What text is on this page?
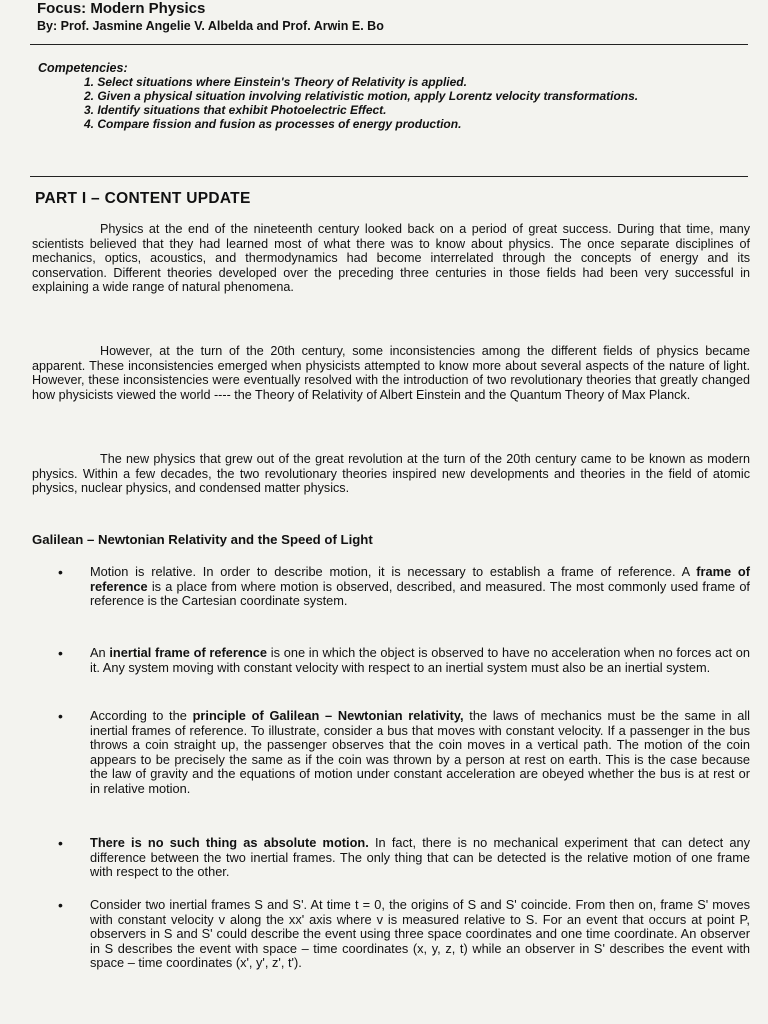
Focus: Modern Physics
By: Prof. Jasmine Angelie V. Albelda and Prof. Arwin E. Bo
Competencies:
1. Select situations where Einstein's Theory of Relativity is applied.
2. Given a physical situation involving relativistic motion, apply Lorentz velocity transformations.
3. Identify situations that exhibit Photoelectric Effect.
4. Compare fission and fusion as processes of energy production.
PART I – CONTENT UPDATE

Physics at the end of the nineteenth century looked back on a period of great success. During that time, many scientists believed that they had learned most of what there was to know about physics. The once separate disciplines of mechanics, optics, acoustics, and thermodynamics had become interrelated through the concepts of energy and its conservation. Different theories developed over the preceding three centuries in those fields had been very successful in explaining a wide range of natural phenomena.

However, at the turn of the 20th century, some inconsistencies among the different fields of physics became apparent. These inconsistencies emerged when physicists attempted to know more about several aspects of the nature of light. However, these inconsistencies were eventually resolved with the introduction of two revolutionary theories that greatly changed how physicists viewed the world ---- the Theory of Relativity of Albert Einstein and the Quantum Theory of Max Planck.

The new physics that grew out of the great revolution at the turn of the 20th century came to be known as modern physics. Within a few decades, the two revolutionary theories inspired new developments and theories in the field of atomic physics, nuclear physics, and condensed matter physics.

Galilean – Newtonian Relativity and the Speed of Light
• Motion is relative. In order to describe motion, it is necessary to establish a frame of reference. A frame of reference is a place from where motion is observed, described, and measured. The most commonly used frame of reference is the Cartesian coordinate system.
• An inertial frame of reference is one in which the object is observed to have no acceleration when no forces act on it. Any system moving with constant velocity with respect to an inertial system must also be an inertial system.
• According to the principle of Galilean – Newtonian relativity, the laws of mechanics must be the same in all inertial frames of reference. To illustrate, consider a bus that moves with constant velocity. If a passenger in the bus throws a coin straight up, the passenger observes that the coin moves in a vertical path. The motion of the coin appears to be precisely the same as if the coin was thrown by a person at rest on earth. This is the case because the law of gravity and the equations of motion under constant acceleration are obeyed whether the bus is at rest or in relative motion.
• There is no such thing as absolute motion. In fact, there is no mechanical experiment that can detect any difference between the two inertial frames. The only thing that can be detected is the relative motion of one frame with respect to the other.
• Consider two inertial frames S and S'. At time t = 0, the origins of S and S' coincide. From then on, frame S' moves with constant velocity v along the xx' axis where v is measured relative to S. For an event that occurs at point P, observers in S and S' could describe the event using three space coordinates and one time coordinate. An observer in S describes the event with space – time coordinates (x, y, z, t) while an observer in S' describes the event with space – time coordinates (x', y', z', t').
